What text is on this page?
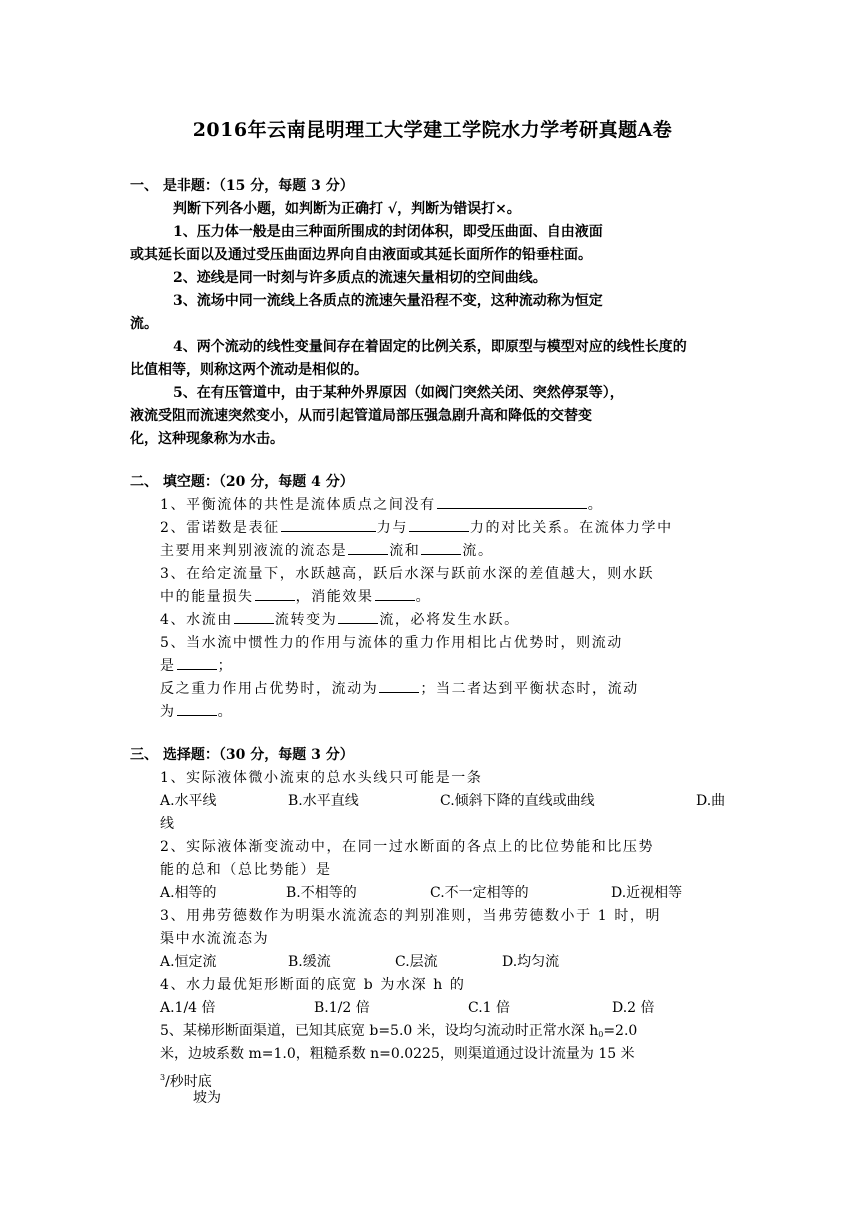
2016年云南昆明理工大学建工学院水力学考研真题A卷
一、 是非题：（15 分，每题 3 分）
判断下列各小题，如判断为正确打 √，判断为错误打×。
1、压力体一般是由三种面所围成的封闭体积，即受压曲面、自由液面
或其延长面以及通过受压曲面边界向自由液面或其延长面所作的铅垂柱面。
2、迹线是同一时刻与许多质点的流速矢量相切的空间曲线。
3、流场中同一流线上各质点的流速矢量沿程不变，这种流动称为恒定
流。
4、两个流动的线性变量间存在着固定的比例关系，即原型与模型对应的线性长度的
比值相等，则称这两个流动是相似的。
5、在有压管道中，由于某种外界原因（如阀门突然关闭、突然停泵等），
液流受阻而流速突然变小，从而引起管道局部压强急剧升高和降低的交替变
化，这种现象称为水击。
二、 填空题：（20 分，每题 4 分）
1、平衡流体的共性是流体质点之间没有	。
2、雷诺数是表征	力与	力的对比关系。在流体力学中
主要用来判别液流的流态是	流和	流。
3、在给定流量下，水跃越高，跃后水深与跃前水深的差值越大，则水跃
中的能量损失	，消能效果	。
4、水流由	流转变为	流，必将发生水跃。
5、当水流中惯性力的作用与流体的重力作用相比占优势时，则流动
是	；
反之重力作用占优势时，流动为	；当二者达到平衡状态时，流动
为	。
三、 选择题：（30 分，每题 3 分）
1、实际液体微小流束的总水头线只可能是一条
A.水平线	B.水平直线	C.倾斜下降的直线或曲线	D.曲
线
2、实际液体渐变流动中，在同一过水断面的各点上的比位势能和比压势
能的总和（总比势能）是
A.相等的	B.不相等的	C.不一定相等的	D.近视相等
3、用弗劳德数作为明渠水流流态的判别准则，当弗劳德数小于 1 时，明
渠中水流流态为
A.恒定流	B.缓流	C.层流	D.均匀流
4、水力最优矩形断面的底宽 b 为水深 h 的
A.1/4 倍	B.1/2 倍	C.1 倍	D.2 倍
5、某梯形断面渠道，已知其底宽 b=5.0 米，设均匀流动时正常水深 $h_0=2.0$
米，边坡系数 m=1.0，粗糙系数 n=0.0225，则渠道通过设计流量为 15 米
$^3$/秒时底
坡为
